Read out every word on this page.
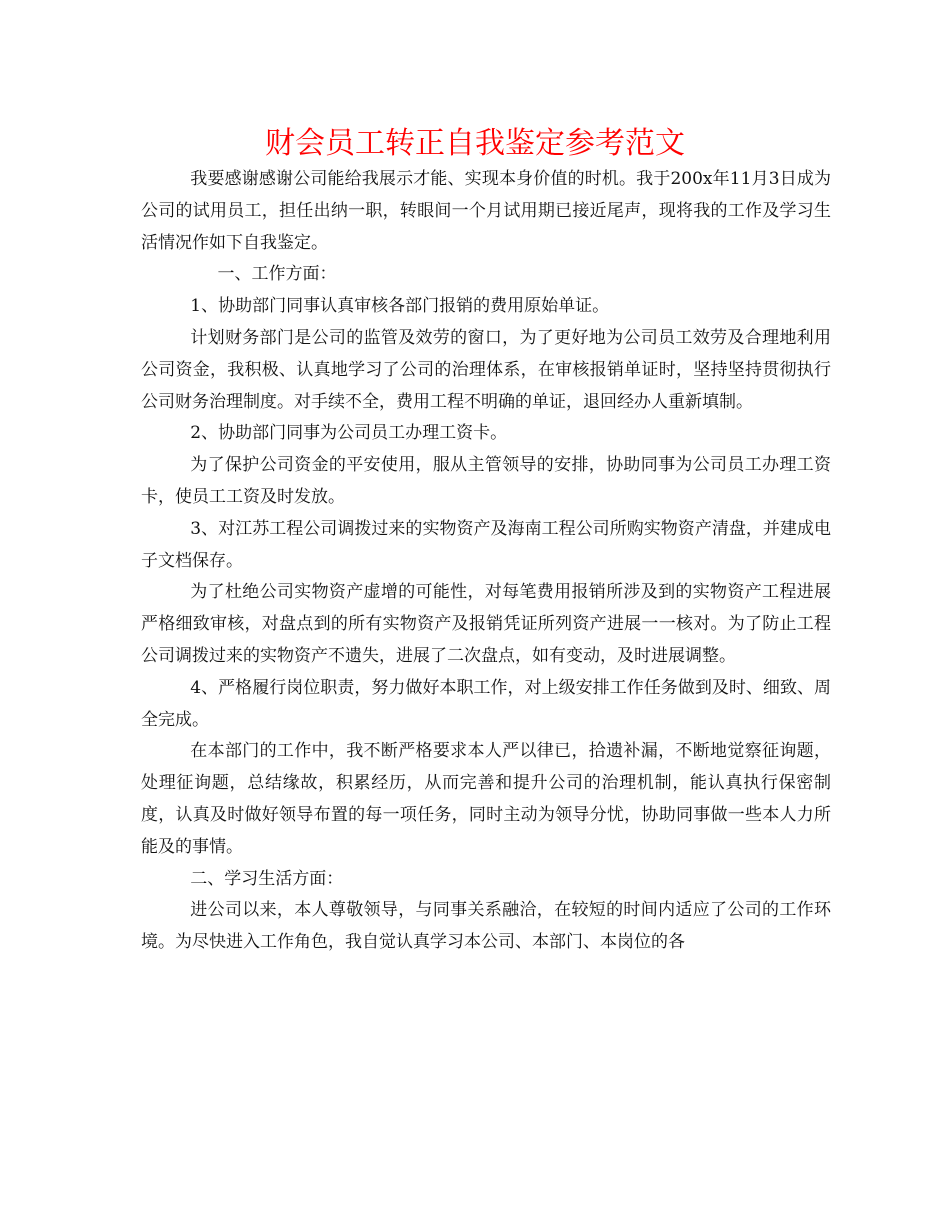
财会员工转正自我鉴定参考范文

我要感谢感谢公司能给我展示才能、实现本身价值的时机。我于200x年11月3日成为公司的试用员工，担任出纳一职，转眼间一个月试用期已接近尾声，现将我的工作及学习生活情况作如下自我鉴定。

一、工作方面：

1、协助部门同事认真审核各部门报销的费用原始单证。

计划财务部门是公司的监管及效劳的窗口，为了更好地为公司员工效劳及合理地利用公司资金，我积极、认真地学习了公司的治理体系，在审核报销单证时，坚持坚持贯彻执行公司财务治理制度。对手续不全，费用工程不明确的单证，退回经办人重新填制。

2、协助部门同事为公司员工办理工资卡。

为了保护公司资金的平安使用，服从主管领导的安排，协助同事为公司员工办理工资卡，使员工工资及时发放。

3、对江苏工程公司调拨过来的实物资产及海南工程公司所购实物资产清盘，并建成电子文档保存。

为了杜绝公司实物资产虚增的可能性，对每笔费用报销所涉及到的实物资产工程进展严格细致审核，对盘点到的所有实物资产及报销凭证所列资产进展一一核对。为了防止工程公司调拨过来的实物资产不遗失，进展了二次盘点，如有变动，及时进展调整。

4、严格履行岗位职责，努力做好本职工作，对上级安排工作任务做到及时、细致、周全完成。

在本部门的工作中，我不断严格要求本人严以律已，拾遗补漏，不断地觉察征询题，处理征询题，总结缘故，积累经历，从而完善和提升公司的治理机制，能认真执行保密制度，认真及时做好领导布置的每一项任务，同时主动为领导分忧，协助同事做一些本人力所能及的事情。

二、学习生活方面：

进公司以来，本人尊敬领导，与同事关系融洽，在较短的时间内适应了公司的工作环境。为尽快进入工作角色，我自觉认真学习本公司、本部门、本岗位的各
